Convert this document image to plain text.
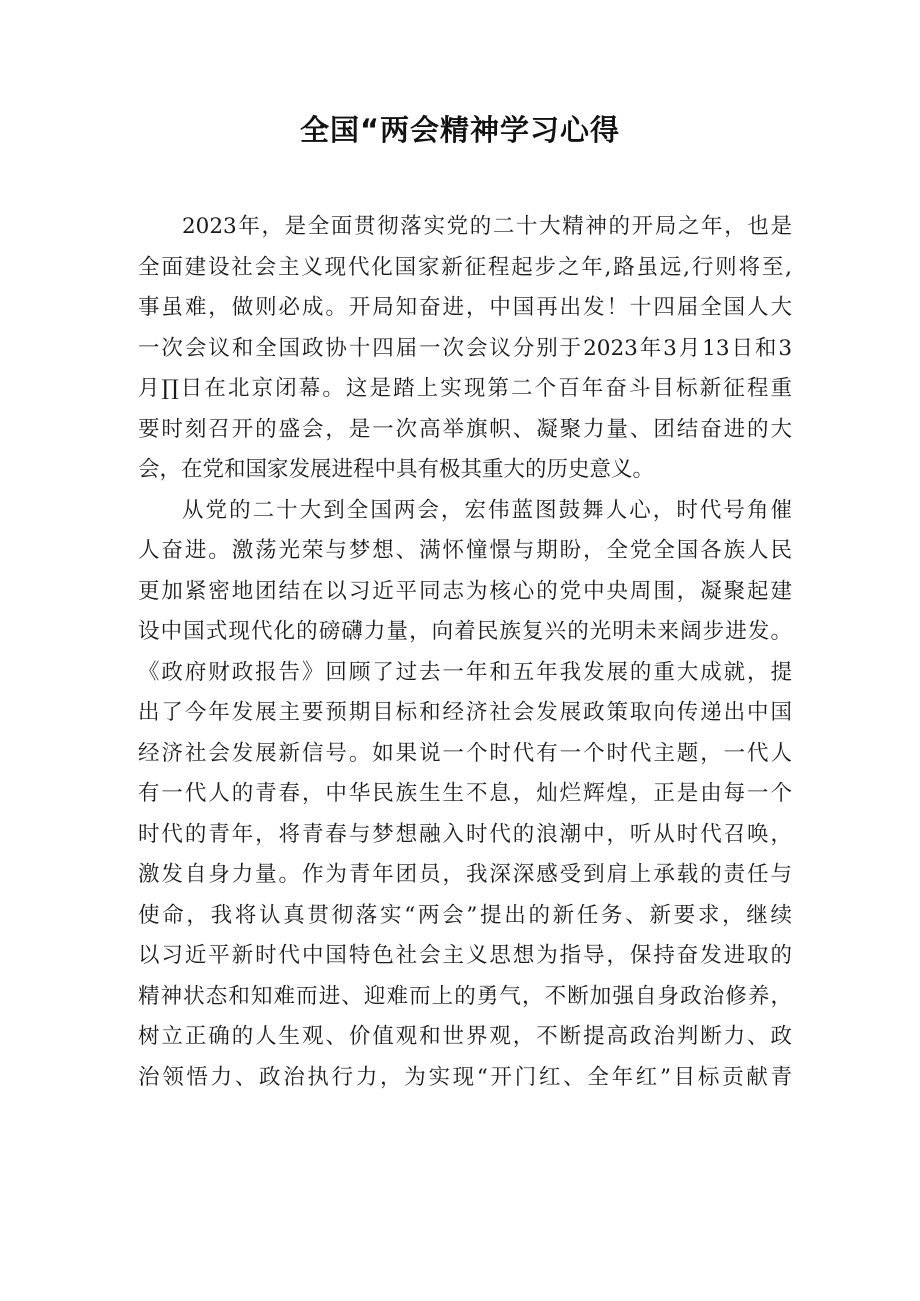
全国“两会精神学习心得
2023年，是全面贯彻落实党的二十大精神的开局之年，也是
全面建设社会主义现代化国家新征程起步之年,路虽远,行则将至,
事虽难，做则必成。开局知奋进，中国再出发！十四届全国人大
一次会议和全国政协十四届一次会议分别于2023年3月13日和3
月∏日在北京闭幕。这是踏上实现第二个百年奋斗目标新征程重
要时刻召开的盛会，是一次高举旗帜、凝聚力量、团结奋进的大
会，在党和国家发展进程中具有极其重大的历史意义。
从党的二十大到全国两会，宏伟蓝图鼓舞人心，时代号角催
人奋进。激荡光荣与梦想、满怀憧憬与期盼，全党全国各族人民
更加紧密地团结在以习近平同志为核心的党中央周围，凝聚起建
设中国式现代化的磅礴力量，向着民族复兴的光明未来阔步进发。
《政府财政报告》回顾了过去一年和五年我发展的重大成就，提
出了今年发展主要预期目标和经济社会发展政策取向传递出中国
经济社会发展新信号。如果说一个时代有一个时代主题，一代人
有一代人的青春，中华民族生生不息，灿烂辉煌，正是由每一个
时代的青年，将青春与梦想融入时代的浪潮中，听从时代召唤，
激发自身力量。作为青年团员，我深深感受到肩上承载的责任与
使命，我将认真贯彻落实“两会”提出的新任务、新要求，继续
以习近平新时代中国特色社会主义思想为指导，保持奋发进取的
精神状态和知难而进、迎难而上的勇气，不断加强自身政治修养，
树立正确的人生观、价值观和世界观，不断提高政治判断力、政
治领悟力、政治执行力，为实现“开门红、全年红”目标贡献青
